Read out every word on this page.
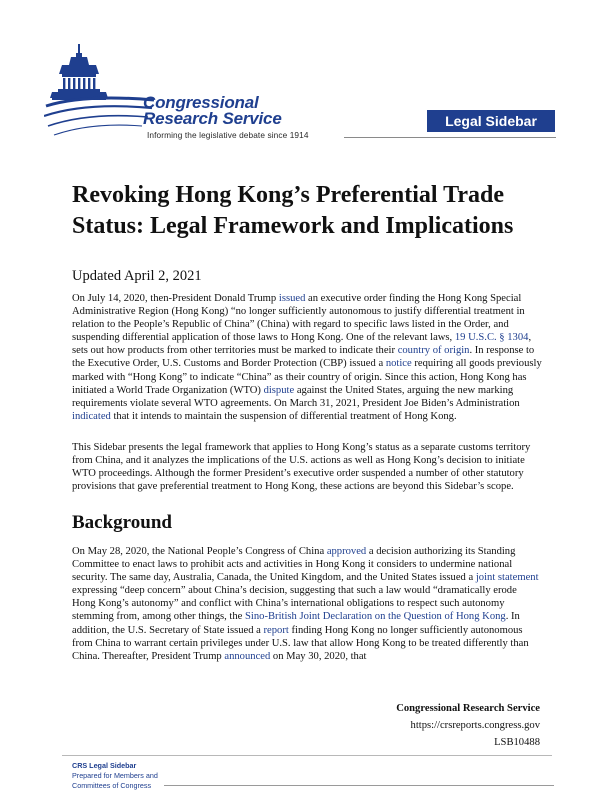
Congressional
Research Service

Informing the legislative debate since 1914

Legal Sidebar
Revoking Hong Kong’s Preferential Trade Status: Legal Framework and Implications

Updated April 2, 2021

On July 14, 2020, then-President Donald Trump issued an executive order finding the Hong Kong Special Administrative Region (Hong Kong) “no longer sufficiently autonomous to justify differential treatment in relation to the People’s Republic of China” (China) with regard to specific laws listed in the Order, and suspending differential application of those laws to Hong Kong. One of the relevant laws, 19 U.S.C. § 1304, sets out how products from other territories must be marked to indicate their country of origin. In response to the Executive Order, U.S. Customs and Border Protection (CBP) issued a notice requiring all goods previously marked with “Hong Kong” to indicate “China” as their country of origin. Since this action, Hong Kong has initiated a World Trade Organization (WTO) dispute against the United States, arguing the new marking requirements violate several WTO agreements. On March 31, 2021, President Joe Biden’s Administration indicated that it intends to maintain the suspension of differential treatment of Hong Kong.

This Sidebar presents the legal framework that applies to Hong Kong’s status as a separate customs territory from China, and it analyzes the implications of the U.S. actions as well as Hong Kong’s decision to initiate WTO proceedings. Although the former President’s executive order suspended a number of other statutory provisions that gave preferential treatment to Hong Kong, these actions are beyond this Sidebar’s scope.

Background

On May 28, 2020, the National People’s Congress of China approved a decision authorizing its Standing Committee to enact laws to prohibit acts and activities in Hong Kong it considers to undermine national security. The same day, Australia, Canada, the United Kingdom, and the United States issued a joint statement expressing “deep concern” about China’s decision, suggesting that such a law would “dramatically erode Hong Kong’s autonomy” and conflict with China’s international obligations to respect such autonomy stemming from, among other things, the Sino-British Joint Declaration on the Question of Hong Kong. In addition, the U.S. Secretary of State issued a report finding Hong Kong no longer sufficiently autonomous from China to warrant certain privileges under U.S. law that allow Hong Kong to be treated differently than China. Thereafter, President Trump announced on May 30, 2020, that

Congressional Research Service
https://crsreports.congress.gov
LSB10488
CRS Legal Sidebar
Prepared for Members and
Committees of Congress
